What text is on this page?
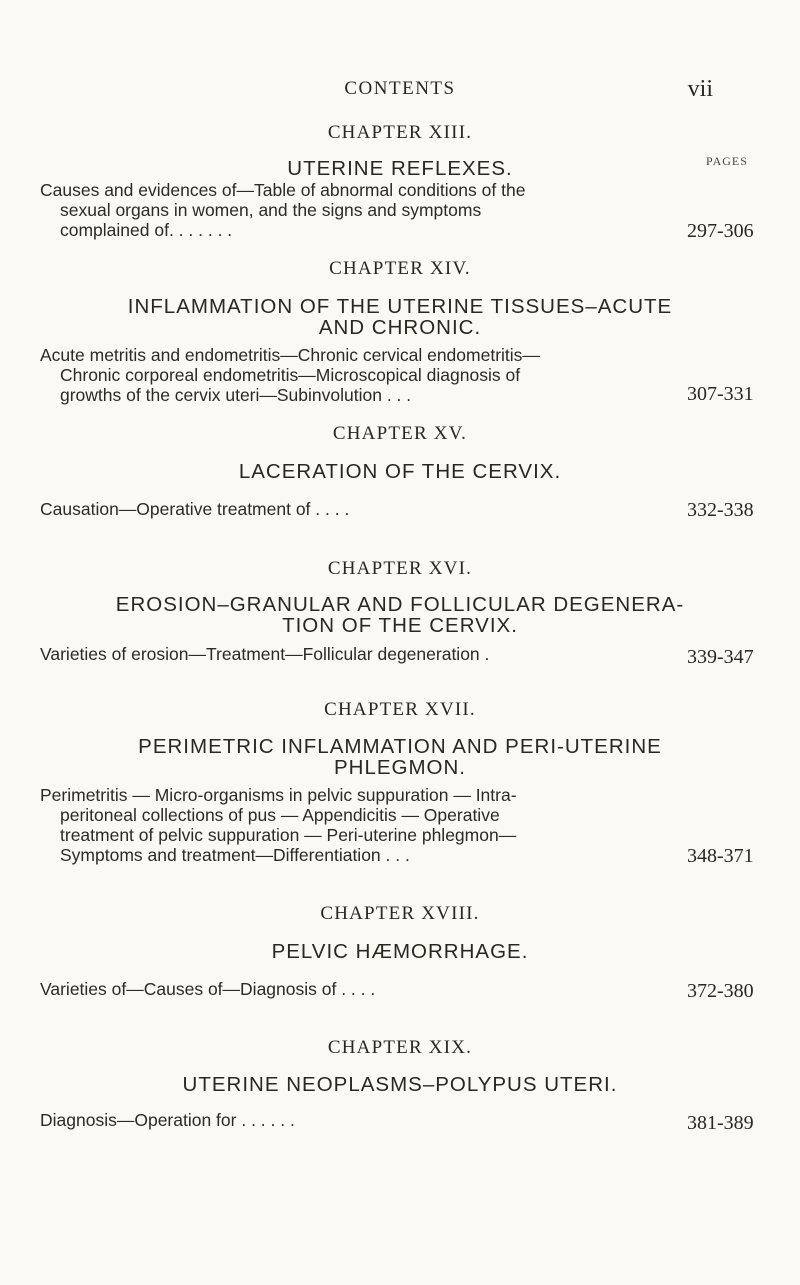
CONTENTS	vii
PAGES
CHAPTER XIII.
UTERINE REFLEXES.
Causes and evidences of—Table of abnormal conditions of the
sexual organs in women, and the signs and symptoms
complained of. . . . . . .	297-306
CHAPTER XIV.
INFLAMMATION OF THE UTERINE TISSUES–ACUTE
AND CHRONIC.
Acute metritis and endometritis—Chronic cervical endometritis—
Chronic corporeal endometritis—Microscopical diagnosis of
growths of the cervix uteri—Subinvolution . . .	307-331
CHAPTER XV.
LACERATION OF THE CERVIX.
Causation—Operative treatment of . . . .	332-338
CHAPTER XVI.
EROSION–GRANULAR AND FOLLICULAR DEGENERA-
TION OF THE CERVIX.
Varieties of erosion—Treatment—Follicular degeneration .	339-347
CHAPTER XVII.
PERIMETRIC INFLAMMATION AND PERI-UTERINE
PHLEGMON.
Perimetritis — Micro-organisms in pelvic suppuration — Intra-
peritoneal collections of pus — Appendicitis — Operative
treatment of pelvic suppuration — Peri-uterine phlegmon—
Symptoms and treatment—Differentiation . . .	348-371
CHAPTER XVIII.
PELVIC HÆMORRHAGE.
Varieties of—Causes of—Diagnosis of . . . .	372-380
CHAPTER XIX.
UTERINE NEOPLASMS–POLYPUS UTERI.
Diagnosis—Operation for . . . . . .	381-389
